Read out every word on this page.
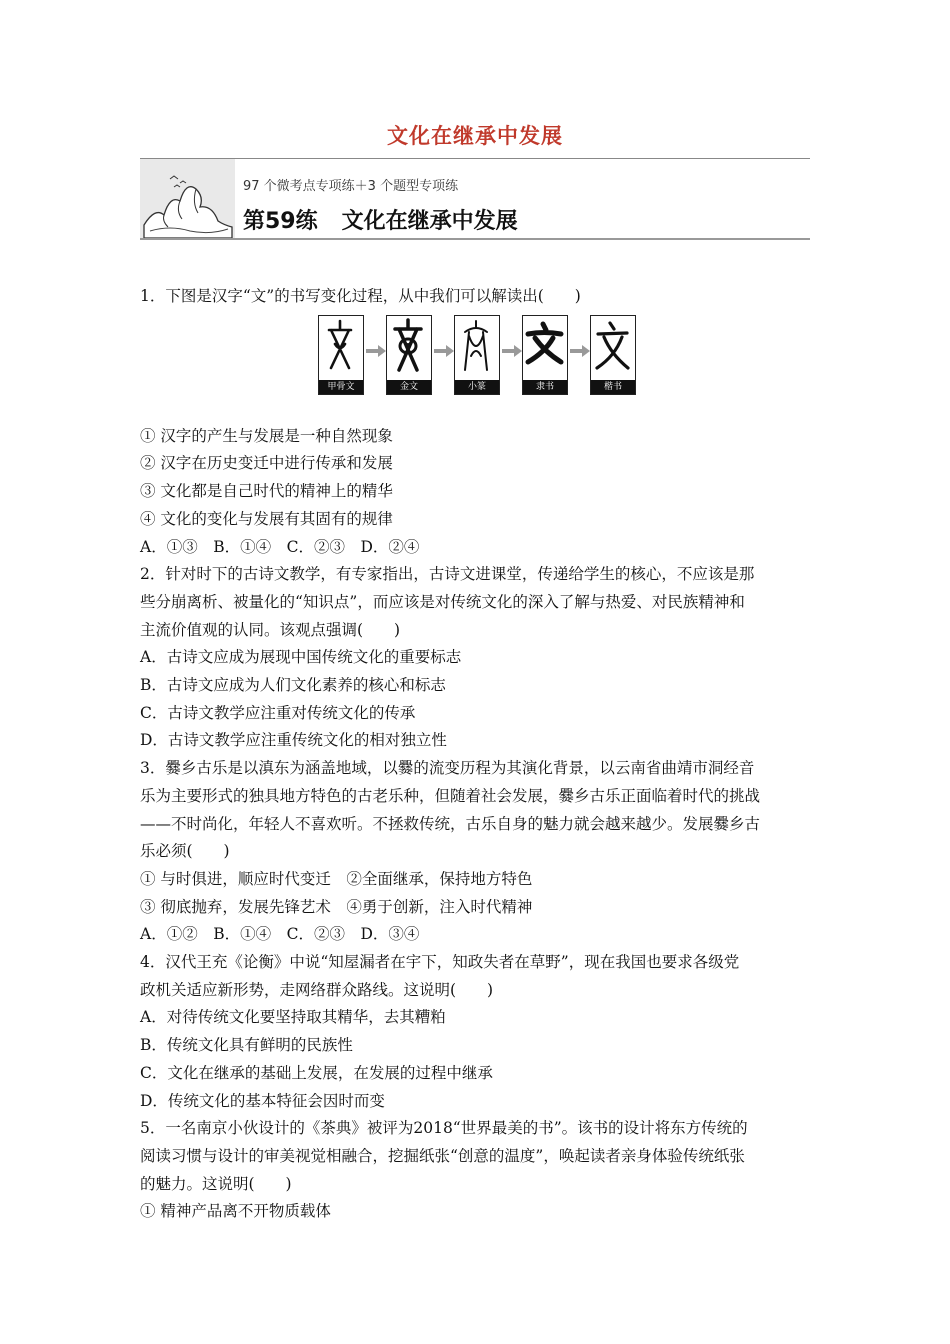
文化在继承中发展
97 个微考点专项练＋3 个题型专项练
第59练 文化在继承中发展
1．下图是汉字“文”的书写变化过程，从中我们可以解读出(　　)
甲骨文	金文	小篆	隶书	楷书
① 汉字的产生与发展是一种自然现象
② 汉字在历史变迁中进行传承和发展
③ 文化都是自己时代的精神上的精华
④ 文化的变化与发展有其固有的规律
A．①③　B．①④　C．②③　D．②④
2．针对时下的古诗文教学，有专家指出，古诗文进课堂，传递给学生的核心，不应该是那
些分崩离析、被量化的“知识点”，而应该是对传统文化的深入了解与热爱、对民族精神和
主流价值观的认同。该观点强调(　　)
A．古诗文应成为展现中国传统文化的重要标志
B．古诗文应成为人们文化素养的核心和标志
C．古诗文教学应注重对传统文化的传承
D．古诗文教学应注重传统文化的相对独立性
3．爨乡古乐是以滇东为涵盖地域，以爨的流变历程为其演化背景，以云南省曲靖市洞经音
乐为主要形式的独具地方特色的古老乐种，但随着社会发展，爨乡古乐正面临着时代的挑战
——不时尚化，年轻人不喜欢听。不拯救传统，古乐自身的魅力就会越来越少。发展爨乡古
乐必须(　　)
① 与时俱进，顺应时代变迁　②全面继承，保持地方特色
③ 彻底抛弃，发展先锋艺术　④勇于创新，注入时代精神
A．①②　B．①④　C．②③　D．③④
4．汉代王充《论衡》中说“知屋漏者在宇下，知政失者在草野”，现在我国也要求各级党
政机关适应新形势，走网络群众路线。这说明(　　)
A．对待传统文化要坚持取其精华，去其糟粕
B．传统文化具有鲜明的民族性
C．文化在继承的基础上发展，在发展的过程中继承
D．传统文化的基本特征会因时而变
5．一名南京小伙设计的《茶典》被评为2018“世界最美的书”。该书的设计将东方传统的
阅读习惯与设计的审美视觉相融合，挖掘纸张“创意的温度”，唤起读者亲身体验传统纸张
的魅力。这说明(　　)
① 精神产品离不开物质载体
